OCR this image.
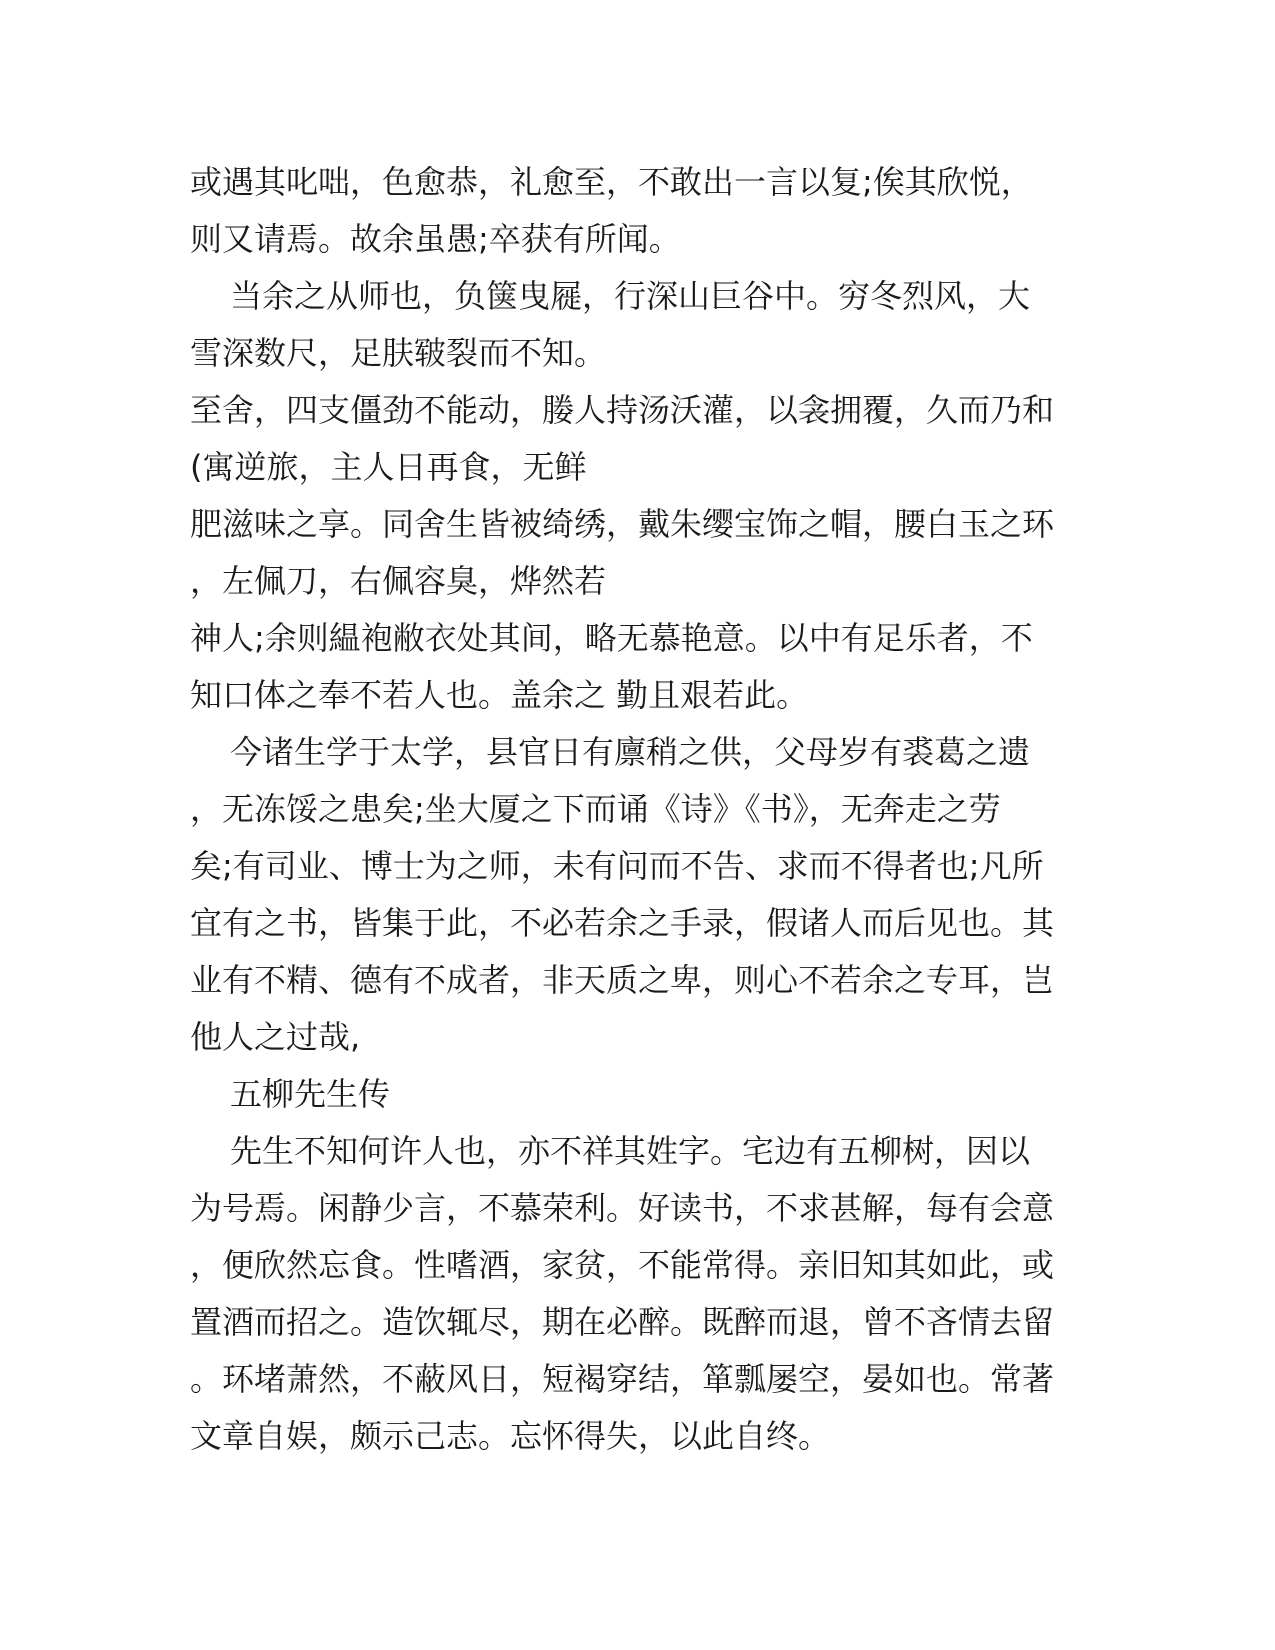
或遇其叱咄，色愈恭，礼愈至，不敢出一言以复;俟其欣悦，
则又请焉。故余虽愚;卒获有所闻。
当余之从师也，负箧曳屣，行深山巨谷中。穷冬烈风，大
雪深数尺，足肤皲裂而不知。
至舍，四支僵劲不能动，媵人持汤沃灌，以衾拥覆，久而乃和
(寓逆旅，主人日再食，无鲜
肥滋味之享。同舍生皆被绮绣，戴朱缨宝饰之帽，腰白玉之环
，左佩刀，右佩容臭，烨然若
神人;余则緼袍敝衣处其间，略无慕艳意。以中有足乐者，不
知口体之奉不若人也。盖余之 勤且艰若此。
今诸生学于太学，县官日有廪稍之供，父母岁有裘葛之遗
，无冻馁之患矣;坐大厦之下而诵《诗》《书》，无奔走之劳
矣;有司业、博士为之师，未有问而不告、求而不得者也;凡所
宜有之书，皆集于此，不必若余之手录，假诸人而后见也。其
业有不精、德有不成者，非天质之卑，则心不若余之专耳，岂
他人之过哉,
五柳先生传
先生不知何许人也，亦不祥其姓字。宅边有五柳树，因以
为号焉。闲静少言，不慕荣利。好读书，不求甚解，每有会意
，便欣然忘食。性嗜酒，家贫，不能常得。亲旧知其如此，或
置酒而招之。造饮辄尽，期在必醉。既醉而退，曾不吝情去留
。环堵萧然，不蔽风日，短褐穿结，箪瓢屡空，晏如也。常著
文章自娱，颇示己志。忘怀得失，以此自终。
